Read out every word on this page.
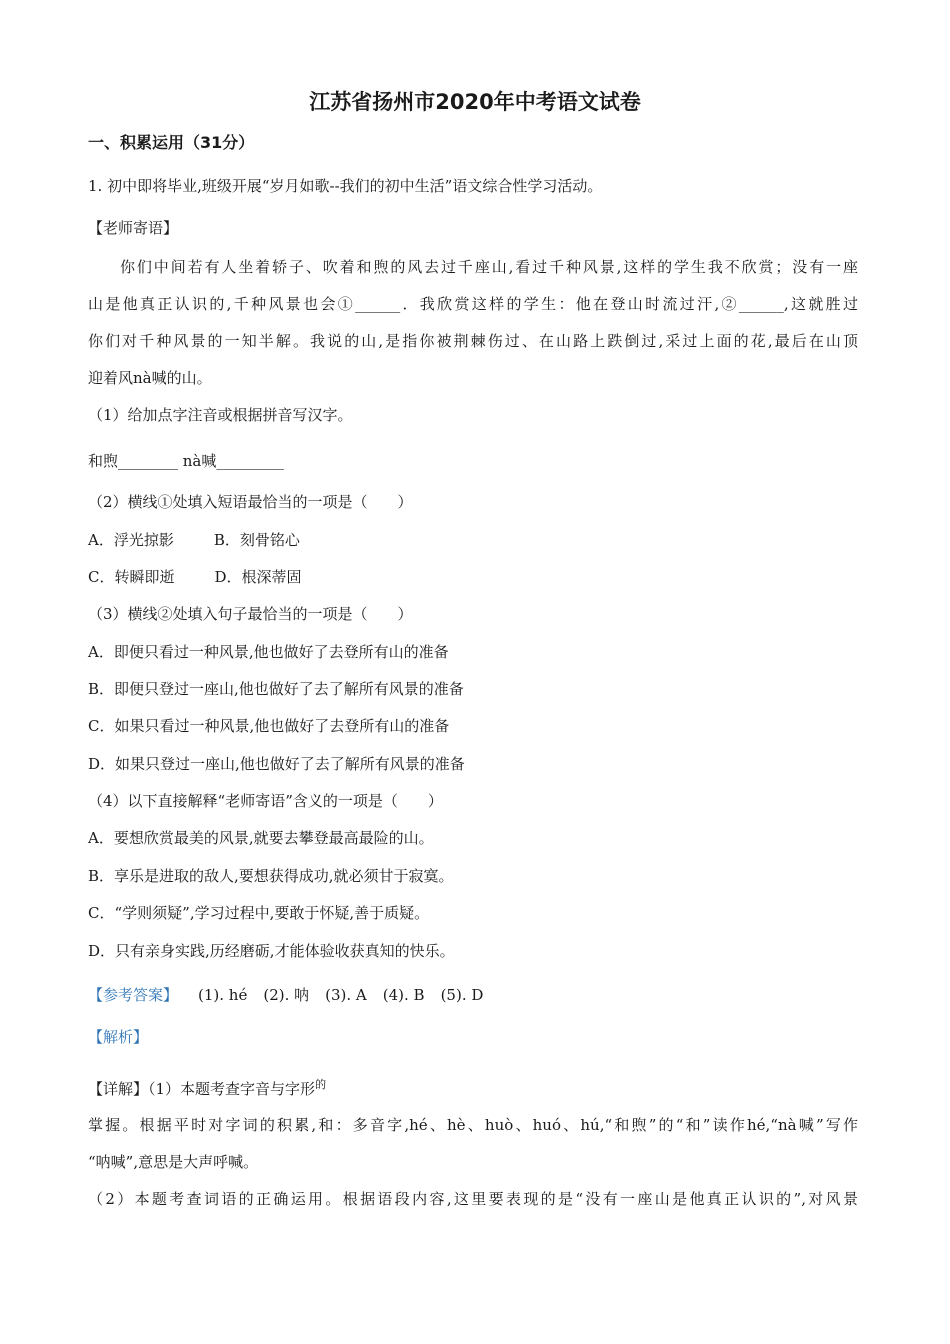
江苏省扬州市2020年中考语文试卷
一、积累运用（31分）
1. 初中即将毕业,班级开展“岁月如歌--我们的初中生活”语文综合性学习活动。
【老师寄语】
你们中间若有人坐着轿子、吹着和煦的风去过千座山,看过千种风景,这样的学生我不欣赏；没有一座
山是他真正认识的,千种风景也会①______．我欣赏这样的学生：他在登山时流过汗,②______,这就胜过
你们对千种风景的一知半解。我说的山,是指你被荆棘伤过、在山路上跌倒过,采过上面的花,最后在山顶
迎着风nà喊的山。
（1）给加点字注音或根据拼音写汉字。
和煦________ nà喊_________
（2）横线①处填入短语最恰当的一项是（　　）
A．浮光掠影	B．刻骨铭心
C．转瞬即逝	D．根深蒂固
（3）横线②处填入句子最恰当的一项是（　　）
A．即便只看过一种风景,他也做好了去登所有山的准备
B．即便只登过一座山,他也做好了去了解所有风景的准备
C．如果只看过一种风景,他也做好了去登所有山的准备
D．如果只登过一座山,他也做好了去了解所有风景的准备
（4）以下直接解释“老师寄语”含义的一项是（　　）
A．要想欣赏最美的风景,就要去攀登最高最险的山。
B．享乐是进取的敌人,要想获得成功,就必须甘于寂寞。
C．“学则须疑”,学习过程中,要敢于怀疑,善于质疑。
D．只有亲身实践,历经磨砺,才能体验收获真知的快乐。
【参考答案】 (1). hé (2). 呐 (3). A (4). B (5). D
【解析】
【详解】（1）本题考查字音与字形$^的$
掌握。根据平时对字词的积累,和：多音字,hé、hè、huò、huó、hú,“和煦”的“和”读作hé,“nà喊”写作
“呐喊”,意思是大声呼喊。
（2）本题考查词语的正确运用。根据语段内容,这里要表现的是“没有一座山是他真正认识的”,对风景
